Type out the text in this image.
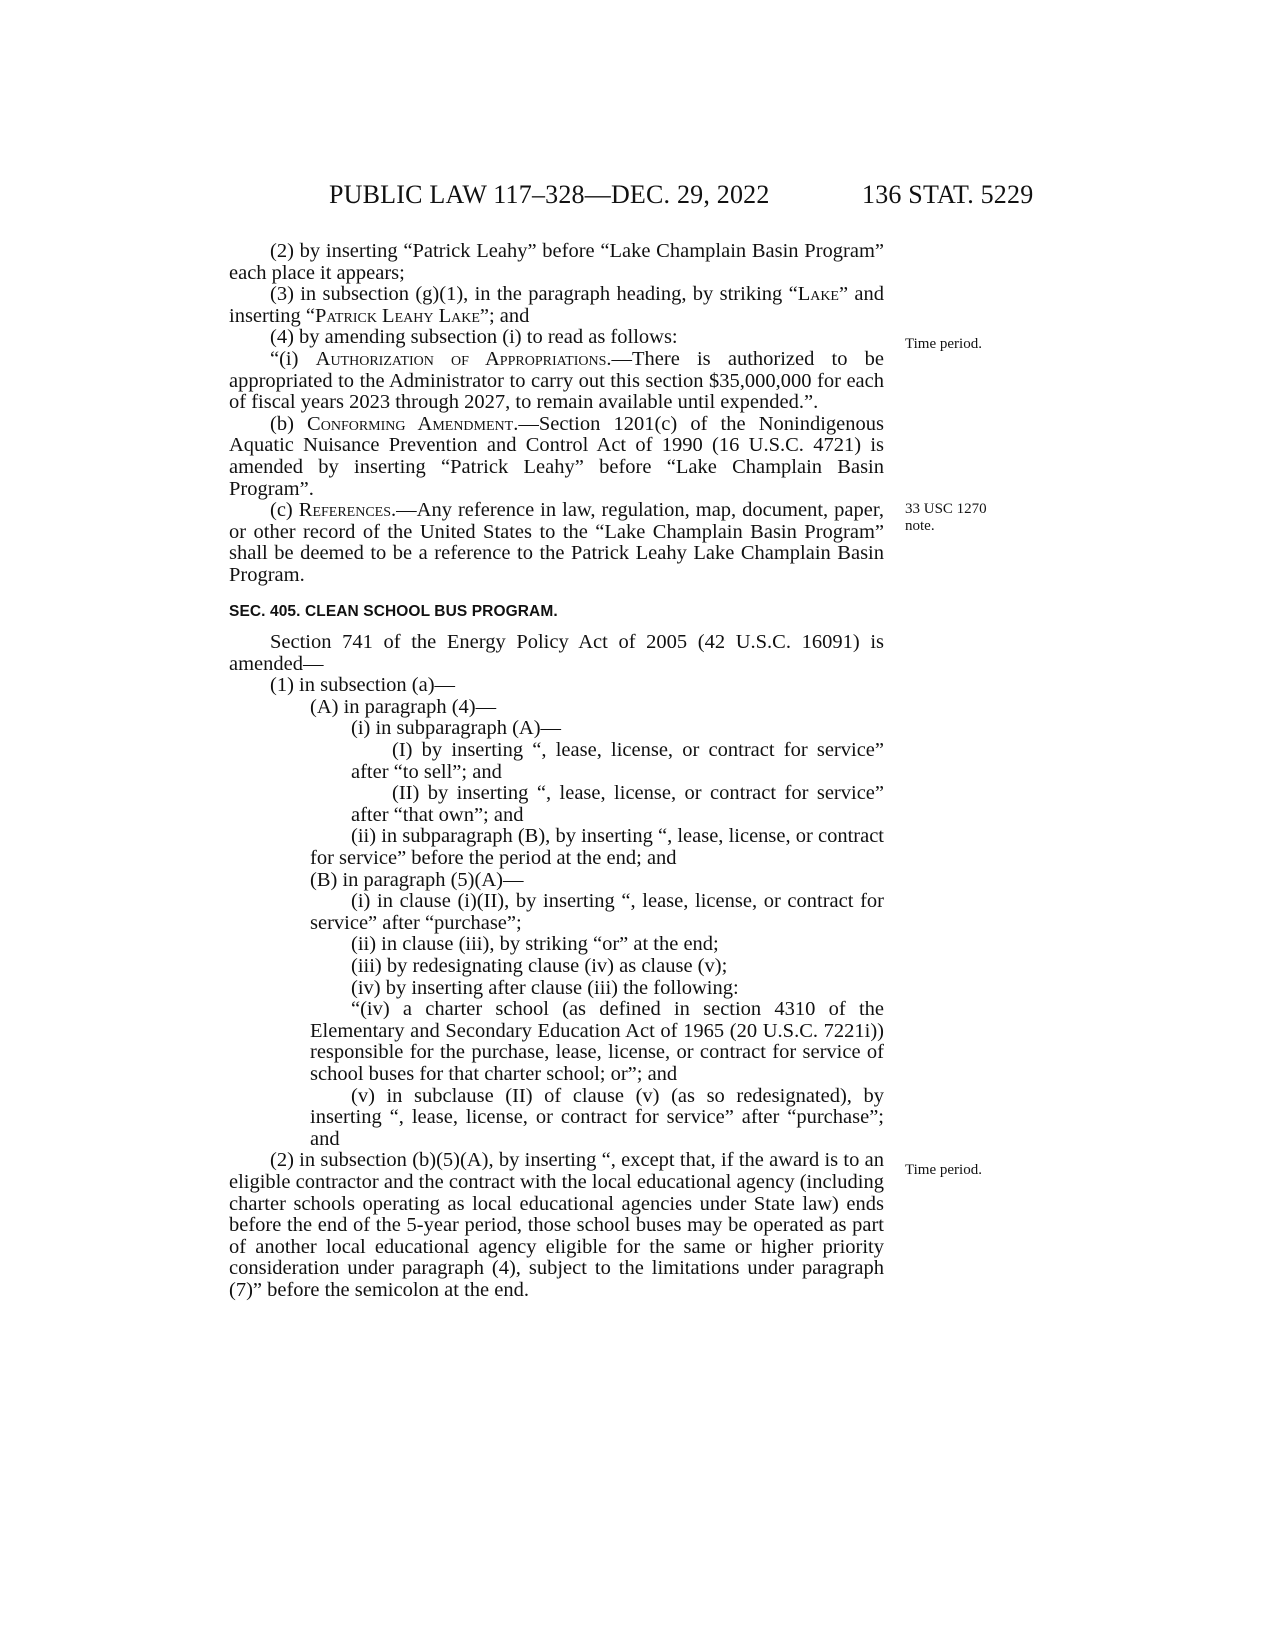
PUBLIC LAW 117–328—DEC. 29, 2022	136 STAT. 5229
Time period.
33 USC 1270
note.
Time period.

(2) by inserting “Patrick Leahy” before “Lake Champlain Basin Program” each place it appears;

(3) in subsection (g)(1), in the paragraph heading, by striking “Lake” and inserting “Patrick Leahy Lake”; and

(4) by amending subsection (i) to read as follows:

“(i) Authorization of Appropriations.—There is authorized to be appropriated to the Administrator to carry out this section $35,000,000 for each of fiscal years 2023 through 2027, to remain available until expended.”.

(b) Conforming Amendment.—Section 1201(c) of the Nonindigenous Aquatic Nuisance Prevention and Control Act of 1990 (16 U.S.C. 4721) is amended by inserting “Patrick Leahy” before “Lake Champlain Basin Program”.

(c) References.—Any reference in law, regulation, map, document, paper, or other record of the United States to the “Lake Champlain Basin Program” shall be deemed to be a reference to the Patrick Leahy Lake Champlain Basin Program.

SEC. 405. CLEAN SCHOOL BUS PROGRAM.

Section 741 of the Energy Policy Act of 2005 (42 U.S.C. 16091) is amended—

(1) in subsection (a)—

(A) in paragraph (4)—

(i) in subparagraph (A)—

(I) by inserting “, lease, license, or contract for service” after “to sell”; and

(II) by inserting “, lease, license, or contract for service” after “that own”; and

(ii) in subparagraph (B), by inserting “, lease, license, or contract for service” before the period at the end; and

(B) in paragraph (5)(A)—

(i) in clause (i)(II), by inserting “, lease, license, or contract for service” after “purchase”;

(ii) in clause (iii), by striking “or” at the end;

(iii) by redesignating clause (iv) as clause (v);

(iv) by inserting after clause (iii) the following:

“(iv) a charter school (as defined in section 4310 of the Elementary and Secondary Education Act of 1965 (20 U.S.C. 7221i)) responsible for the purchase, lease, license, or contract for service of school buses for that charter school; or”; and

(v) in subclause (II) of clause (v) (as so redesignated), by inserting “, lease, license, or contract for service” after “purchase”; and

(2) in subsection (b)(5)(A), by inserting “, except that, if the award is to an eligible contractor and the contract with the local educational agency (including charter schools operating as local educational agencies under State law) ends before the end of the 5-year period, those school buses may be operated as part of another local educational agency eligible for the same or higher priority consideration under paragraph (4), subject to the limitations under paragraph (7)” before the semicolon at the end.
